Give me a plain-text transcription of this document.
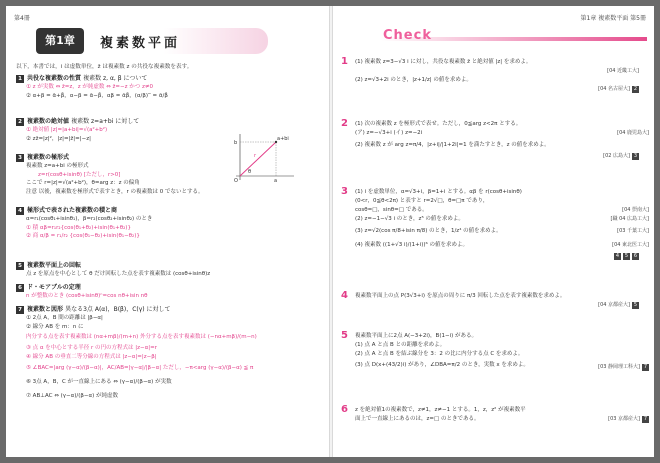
第4冊
第1章	複素数平面
以下，本書では，i は虚数単位，z̄ は複素数 z の共役な複素数を表す。
1 共役な複素数の性質 複素数 z, α, β について
① z が実数 ⇔ z̄=z，z が純虚数 ⇔ z̄=−z かつ z≠0
② α+β = ᾱ+β̄，α−β = ᾱ−β̄，αβ = ᾱβ̄，(α/β)‾ = ᾱ/β̄
2 複素数の絶対値 複素数 z=a+bi に対して
① 絶対値 |z|=|a+bi|=√(a²+b²)
② zz̄=|z|²，|z|=|z̄|=|−z|
3 複素数の極形式
複素数 z=a+bi の極形式
z=r(cosθ+isinθ) [ただし，r>0]
ここで r=|z|=√(a²+b²)，θ=arg z：z の偏角
注意 以後，複素数を極形式で表すとき，r の複素数は 0 でないとする。
4 極形式で表された複素数の積と商
α=r₁(cosθ₁+isinθ₁)，β=r₂(cosθ₂+isinθ₂) のとき
① 積 αβ=r₁r₂{cos(θ₁+θ₂)+isin(θ₁+θ₂)}
② 商 α/β = r₁/r₂ {cos(θ₁−θ₂)+isin(θ₁−θ₂)}
5 複素数平面上の回転
点 z を原点を中心として θ だけ回転した点を表す複素数は (cosθ+isinθ)z
6 ド・モアブルの定理
n が整数のとき (cosθ+isinθ)ⁿ=cos nθ+isin nθ
7 複素数と図形 異なる3点 A(α)，B(β)，C(γ) に対して
① 2点 A，B 間の距離は |β−α|
② 線分 AB を m：n に
内分する点を表す複素数は (nα+mβ)/(m+n) 外分する点を表す複素数は (−nα+mβ)/(m−n)
③ 点 α を中心とする半径 r の円の方程式は |z−α|=r
④ 線分 AB の垂直二等分線の方程式は |z−α|=|z−β|
⑤ ∠BAC=|arg (γ−α)/(β−α)|，AC/AB=|γ−α|/|β−α| ただし，−π<arg (γ−α)/(β−α) ≦ π
⑥ 3点 A，B，C が一直線上にある ⇔ (γ−α)/(β−α) が実数
⑦ AB⊥AC ⇔ (γ−α)/(β−α) が純虚数
a+bi
a
b
r
θ
O
第1章 複素数平面 第5冊
Check
1 (1) 複素数 z=3−√3 i に対し，共役な複素数 z̄ と絶対値 |z| を求めよ。
[04 近畿工大]
(2) z=√3+2i のとき，|z+1/z| の値を求めよ。
[04 名古屋大] 2
2 (1) 次の複素数 z を極形式で表せ。ただし，0≦arg z<2π とする。
(ア) z=−√3+i (イ) z=−2i	[04 鹿児島大]
(2) 複素数 z が arg z=π/4，|z+i|/|1+2i|=1 を満たすとき，z の値を求めよ。
[02 広島大] 3
3 (1) i を虚数単位，α=√3+i，β=1+i とする。αβ を r(cosθ+isinθ)
(0<r，0≦θ<2π) と表すと r=2√□，θ=□π であり，
cosθ=□，sinθ=□ である。	[04 摂南大]
(2) z=−1−√3 i のとき，z⁵ の値を求めよ。	[職 04 広島工大]
(3) z=√2(cos π/8+isin π/8) のとき，1/z⁴ の値を求めよ。	[03 千葉工大]
(4) 複素数 ((1+√3 i)/(1+i))⁶ の値を求めよ。	[04 東北医工大]
4 5 6
4 複素数平面上の点 P(3√3+i) を原点の周りに π/3 回転した点を表す複素数を求めよ。
[04 京都産大] 5
5 複素数平面上に2点 A(−3+2i)，B(1−i) がある。
(1) 点 A と点 B との距離を求めよ。
(2) 点 A と点 B を結ぶ線分を 3：2 の比に内分する点 C を求めよ。
(3) 点 D(x+(43/2)i) があり，∠DBA=π/2 のとき，実数 x を求めよ。	[03 静岡理工科大] 7
6 z を絶対値1の複素数で，z≠1，z≠−1 とする。1，z，z² が複素数平
面上で一直線上にあるのは，z=□ のときである。	[03 京都産大] 7
